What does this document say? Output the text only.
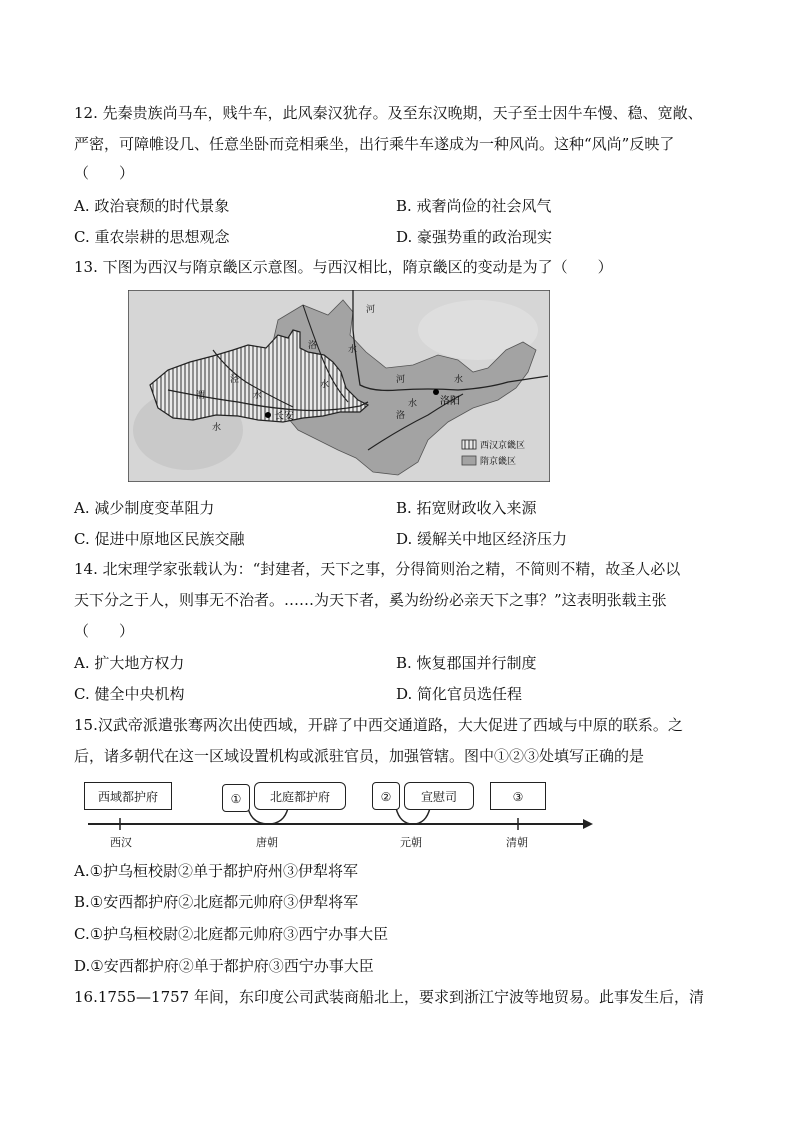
12. 先秦贵族尚马车，贱牛车，此风秦汉犹存。及至东汉晚期，天子至士因牛车慢、稳、宽敞、
严密，可障帷设几、任意坐卧而竞相乘坐，出行乘牛车遂成为一种风尚。这种“风尚”反映了
（　　）
A. 政治衰颓的时代景象	B. 戒奢尚俭的社会风气
C. 重农崇耕的思想观念	D. 豪强势重的政治现实
13. 下图为西汉与隋京畿区示意图。与西汉相比，隋京畿区的变动是为了（　　）
河
洛
泾
水
水	河
水
渭
水
洛
水
水
长安
洛阳
西汉京畿区
隋京畿区
A. 减少制度变革阻力	B. 拓宽财政收入来源
C. 促进中原地区民族交融	D. 缓解关中地区经济压力
14. 北宋理学家张载认为：“封建者，天下之事，分得简则治之精，不简则不精，故圣人必以
天下分之于人，则事无不治者。……为天下者，奚为纷纷必亲天下之事？”这表明张载主张
（　　）
A. 扩大地方权力	B. 恢复郡国并行制度
C. 健全中央机构	D. 简化官员选任程
15.汉武帝派遣张骞两次出使西域，开辟了中西交通道路，大大促进了西域与中原的联系。之
后，诸多朝代在这一区域设置机构或派驻官员，加强管辖。图中①②③处填写正确的是
西域都护府	①	北庭都护府	②	宣慰司	③
西汉	唐朝	元朝	清朝
A.①护乌桓校尉②单于都护府州③伊犁将军
B.①安西都护府②北庭都元帅府③伊犁将军
C.①护乌桓校尉②北庭都元帅府③西宁办事大臣
D.①安西都护府②单于都护府③西宁办事大臣
16.1755—1757 年间，东印度公司武装商船北上，要求到浙江宁波等地贸易。此事发生后，清
